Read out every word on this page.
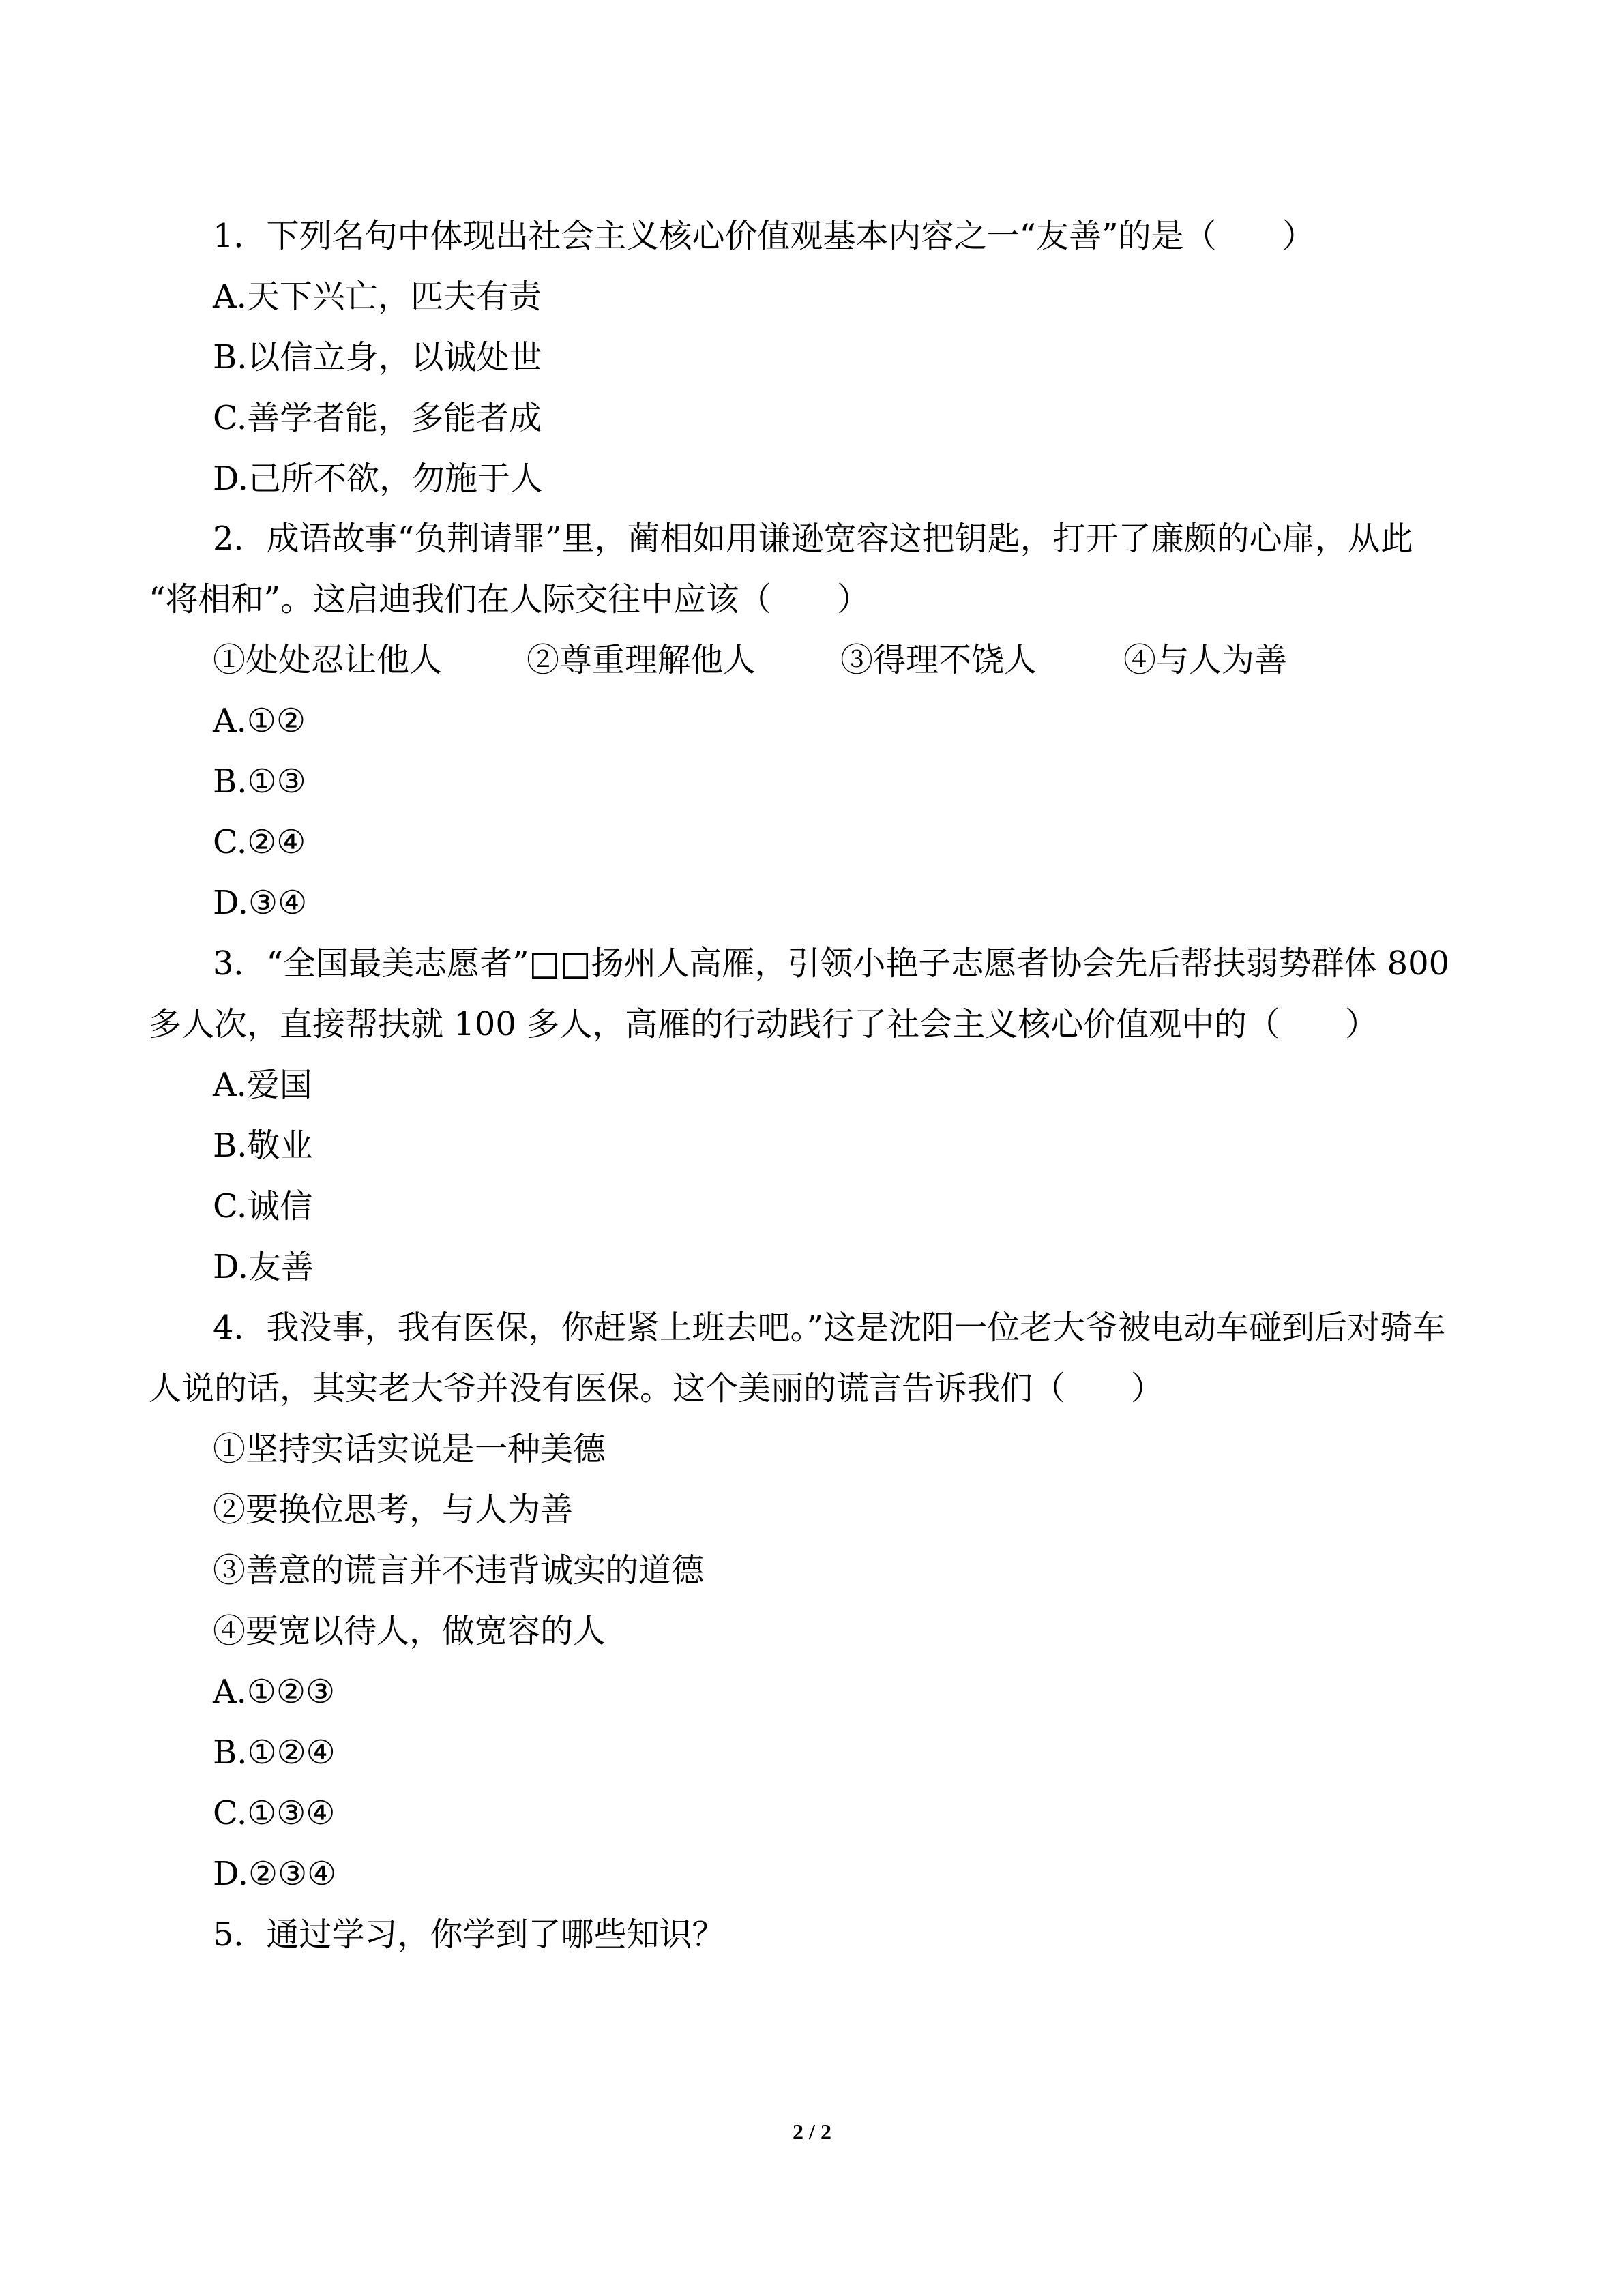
1．下列名句中体现出社会主义核心价值观基本内容之一“友善”的是（　　）
A.天下兴亡，匹夫有责
B.以信立身，以诚处世
C.善学者能，多能者成
D.己所不欲，勿施于人
2．成语故事“负荆请罪”里，蔺相如用谦逊宽容这把钥匙，打开了廉颇的心扉，从此
“将相和”。这启迪我们在人际交往中应该（　　）
①处处忍让他人	②尊重理解他人	③得理不饶人	④与人为善
A.①②
B.①③
C.②④
D.③④
3．“全国最美志愿者”□□扬州人高雁，引领小艳子志愿者协会先后帮扶弱势群体 800
多人次，直接帮扶就 100 多人，高雁的行动践行了社会主义核心价值观中的（　　）
A.爱国
B.敬业
C.诚信
D.友善
4．我没事，我有医保，你赶紧上班去吧。”这是沈阳一位老大爷被电动车碰到后对骑车
人说的话，其实老大爷并没有医保。这个美丽的谎言告诉我们（　　）
①坚持实话实说是一种美德
②要换位思考，与人为善
③善意的谎言并不违背诚实的道德
④要宽以待人，做宽容的人
A.①②③
B.①②④
C.①③④
D.②③④
5．通过学习，你学到了哪些知识？
2 / 2
